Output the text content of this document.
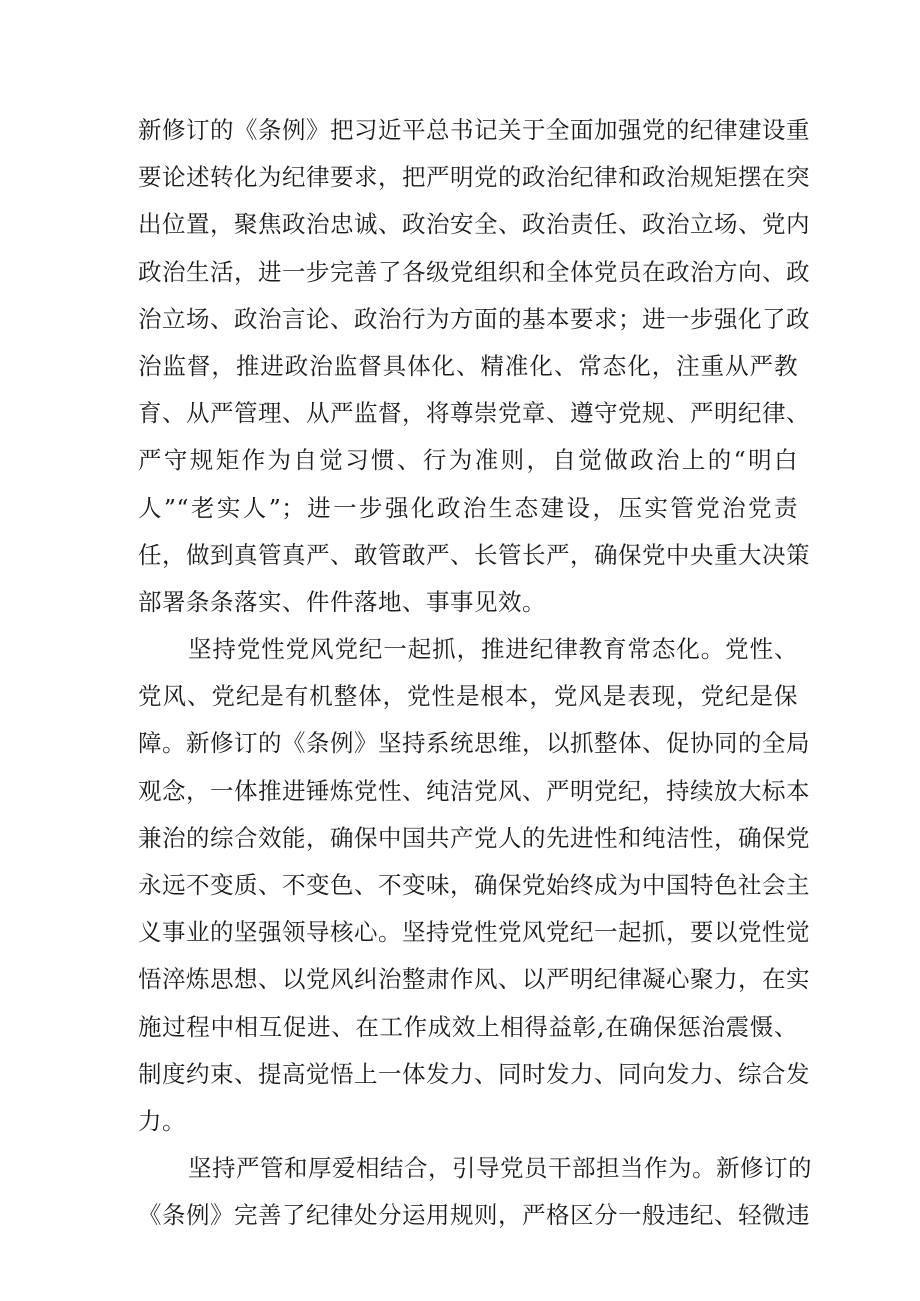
新修订的《条例》把习近平总书记关于全面加强党的纪律建设重
要论述转化为纪律要求，把严明党的政治纪律和政治规矩摆在突
出位置，聚焦政治忠诚、政治安全、政治责任、政治立场、党内
政治生活，进一步完善了各级党组织和全体党员在政治方向、政
治立场、政治言论、政治行为方面的基本要求；进一步强化了政
治监督，推进政治监督具体化、精准化、常态化，注重从严教
育、从严管理、从严监督，将尊崇党章、遵守党规、严明纪律、
严守规矩作为自觉习惯、行为准则，自觉做政治上的“明白
人”“老实人”；进一步强化政治生态建设，压实管党治党责
任，做到真管真严、敢管敢严、长管长严，确保党中央重大决策
部署条条落实、件件落地、事事见效。
坚持党性党风党纪一起抓，推进纪律教育常态化。党性、
党风、党纪是有机整体，党性是根本，党风是表现，党纪是保
障。新修订的《条例》坚持系统思维，以抓整体、促协同的全局
观念，一体推进锤炼党性、纯洁党风、严明党纪，持续放大标本
兼治的综合效能，确保中国共产党人的先进性和纯洁性，确保党
永远不变质、不变色、不变味，确保党始终成为中国特色社会主
义事业的坚强领导核心。坚持党性党风党纪一起抓，要以党性觉
悟淬炼思想、以党风纠治整肃作风、以严明纪律凝心聚力，在实
施过程中相互促进、在工作成效上相得益彰,在确保惩治震慑、
制度约束、提高觉悟上一体发力、同时发力、同向发力、综合发
力。
坚持严管和厚爱相结合，引导党员干部担当作为。新修订的
《条例》完善了纪律处分运用规则，严格区分一般违纪、轻微违
